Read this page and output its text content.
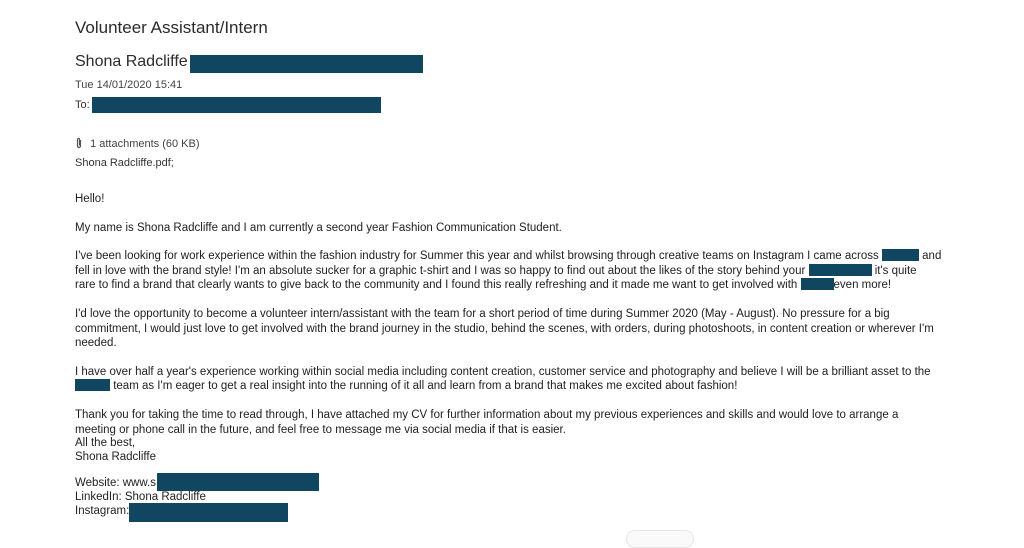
Volunteer Assistant/Intern
Shona Radcliffe
Tue 14/01/2020 15:41
To:
1 attachments (60 KB)
Shona Radcliffe.pdf;

Hello!

My name is Shona Radcliffe and I am currently a second year Fashion Communication Student.

I've been looking for work experience within the fashion industry for Summer this year and whilst browsing through creative teams on Instagram I came across	and

fell in love with the brand style! I'm an absolute sucker for a graphic t-shirt and I was so happy to find out about the likes of the story behind your	it's quite

rare to find a brand that clearly wants to give back to the community and I found this really refreshing and it made me want to get involved with	even more!

I'd love the opportunity to become a volunteer intern/assistant with the team for a short period of time during Summer 2020 (May - August). No pressure for a big

commitment, I would just love to get involved with the brand journey in the studio, behind the scenes, with orders, during photoshoots, in content creation or wherever I'm

needed.

I have over half a year's experience working within social media including content creation, customer service and photography and believe I will be a brilliant asset to the

team as I'm eager to get a real insight into the running of it all and learn from a brand that makes me excited about fashion!

Thank you for taking the time to read through, I have attached my CV for further information about my previous experiences and skills and would love to arrange a

meeting or phone call in the future, and feel free to message me via social media if that is easier.

All the best,
Shona Radcliffe
Website: www.s
LinkedIn: Shona Radcliffe
Instagram:
